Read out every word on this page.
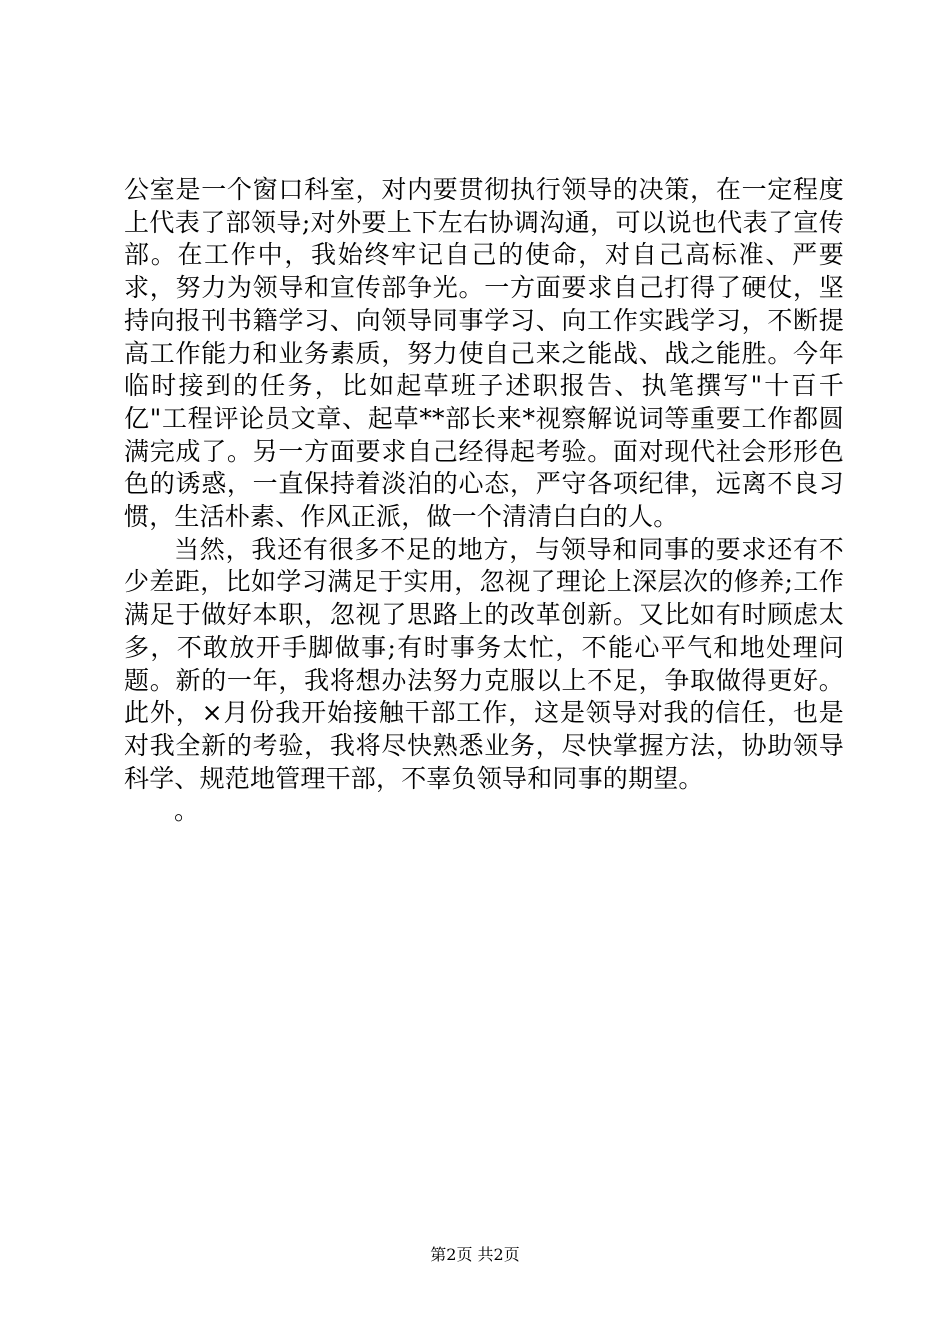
公室是一个窗口科室，对内要贯彻执行领导的决策，在一定程度上代表了部领导;对外要上下左右协调沟通，可以说也代表了宣传部。在工作中，我始终牢记自己的使命，对自己高标准、严要求，努力为领导和宣传部争光。一方面要求自己打得了硬仗，坚持向报刊书籍学习、向领导同事学习、向工作实践学习，不断提高工作能力和业务素质，努力使自己来之能战、战之能胜。今年临时接到的任务，比如起草班子述职报告、执笔撰写"十百千亿"工程评论员文章、起草**部长来*视察解说词等重要工作都圆满完成了。另一方面要求自己经得起考验。面对现代社会形形色色的诱惑，一直保持着淡泊的心态，严守各项纪律，远离不良习惯，生活朴素、作风正派，做一个清清白白的人。

当然，我还有很多不足的地方，与领导和同事的要求还有不少差距，比如学习满足于实用，忽视了理论上深层次的修养;工作满足于做好本职，忽视了思路上的改革创新。又比如有时顾虑太多，不敢放开手脚做事;有时事务太忙，不能心平气和地处理问题。新的一年，我将想办法努力克服以上不足，争取做得更好。此外，×月份我开始接触干部工作，这是领导对我的信任，也是对我全新的考验，我将尽快熟悉业务，尽快掌握方法，协助领导科学、规范地管理干部，不辜负领导和同事的期望。

。

第2页 共2页
